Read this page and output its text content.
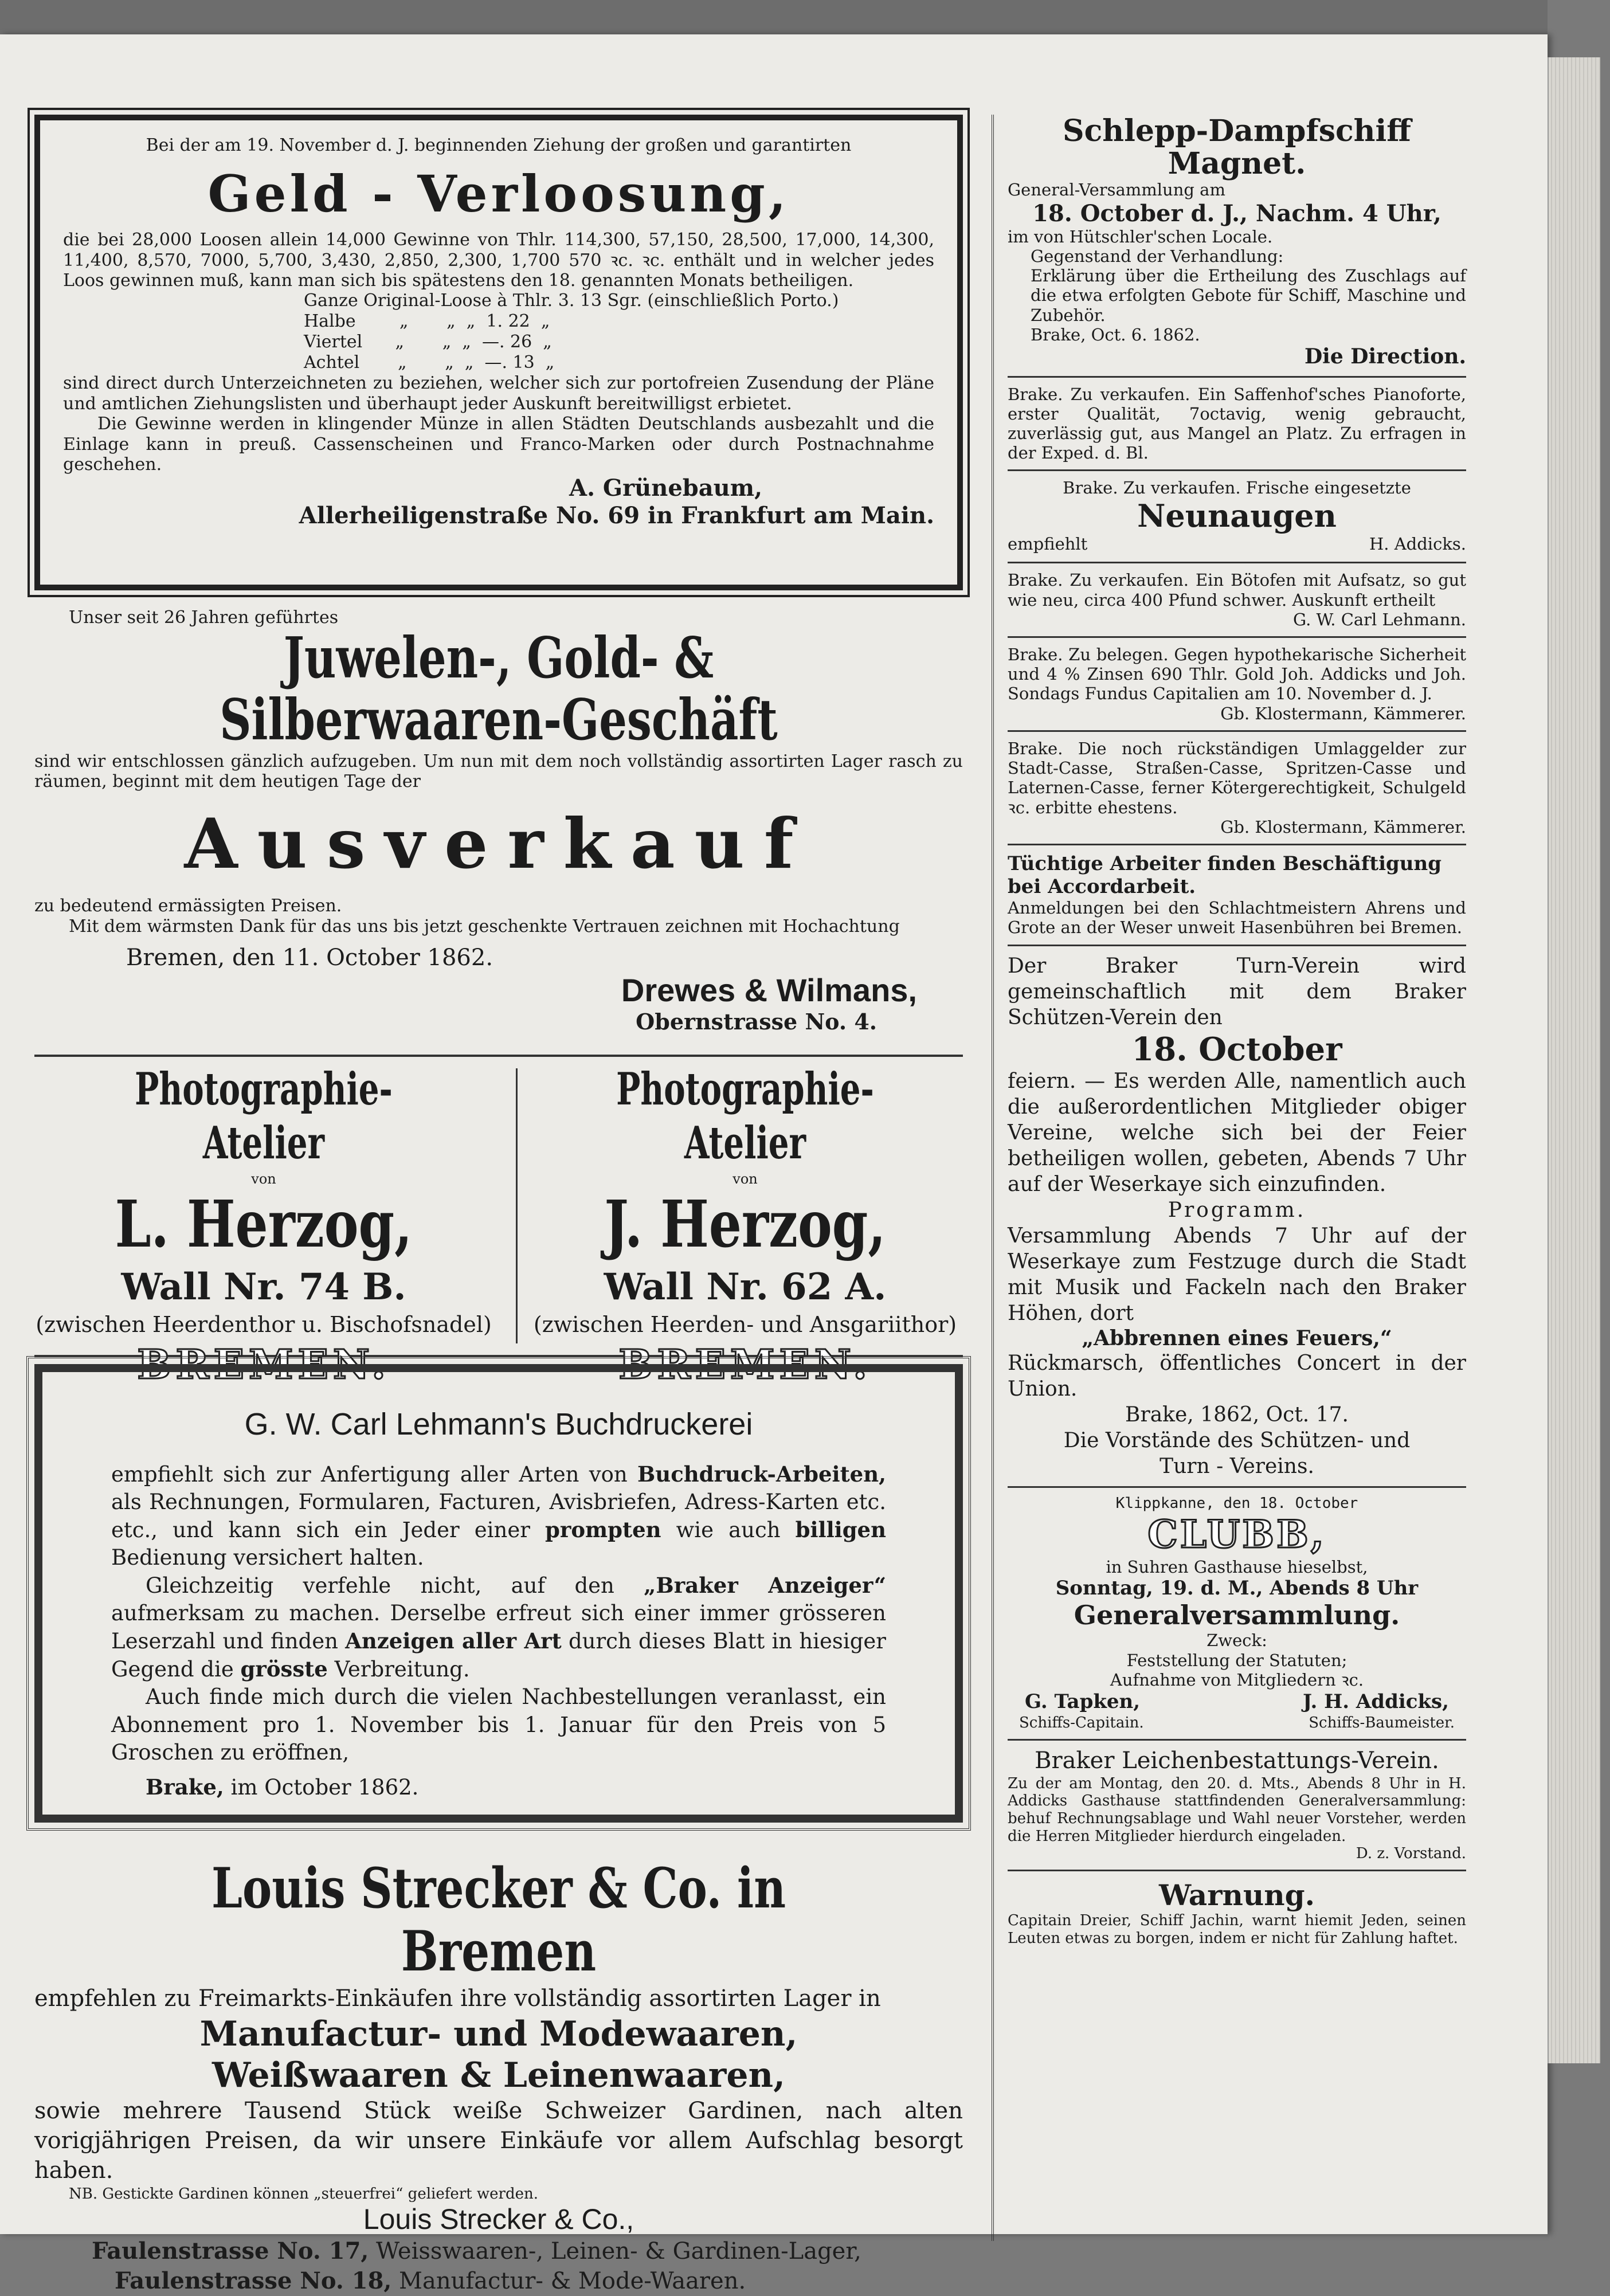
Bei der am 19. November d. J. beginnenden Ziehung der großen und garantirten

Geld - Verloosung,

die bei 28,000 Loosen allein 14,000 Gewinne von Thlr. 114,300, 57,150, 28,500, 17,000, 14,300, 11,400, 8,570, 7000, 5,700, 3,430, 2,850, 2,300, 1,700 570 ꝛc. ꝛc. enthält und in welcher jedes Loos gewinnen muß, kann man sich bis spätestens den 18. genannten Monats betheiligen.

Ganze Original-Loose à Thlr. 3. 13 Sgr. (einschließlich Porto.)
Halbe        „       „  „  1. 22  „
Viertel      „       „  „  —. 26  „
Achtel       „       „  „  —. 13  „

sind direct durch Unterzeichneten zu beziehen, welcher sich zur portofreien Zusendung der Pläne und amtlichen Ziehungslisten und überhaupt jeder Auskunft bereitwilligst erbietet.

Die Gewinne werden in klingender Münze in allen Städten Deutschlands ausbezahlt und die Einlage kann in preuß. Cassenscheinen und Franco-Marken oder durch Postnachnahme geschehen.

A. Grünebaum,

Allerheiligenstraße No. 69 in Frankfurt am Main.

Unser seit 26 Jahren geführtes

Juwelen-, Gold- & Silberwaaren-Geschäft

sind wir entschlossen gänzlich aufzugeben. Um nun mit dem noch vollständig assortirten Lager rasch zu räumen, beginnt mit dem heutigen Tage der

Ausverkauf

zu bedeutend ermässigten Preisen.

Mit dem wärmsten Dank für das uns bis jetzt geschenkte Vertrauen zeichnen mit Hochachtung

Bremen, den 11. October 1862.

Drewes & Wilmans,

Obernstrasse No. 4.

Photographie-Atelier

von

L. Herzog,

Wall Nr. 74 B.

(zwischen Heerdenthor u. Bischofsnadel)

BREMEN.

Photographie-Atelier

von

J. Herzog,

Wall Nr. 62 A.

(zwischen Heerden- und Ansgariithor)

BREMEN.

G. W. Carl Lehmann's Buchdruckerei

empfiehlt sich zur Anfertigung aller Arten von Buchdruck-Arbeiten, als Rechnungen, Formularen, Facturen, Avisbriefen, Adress-Karten etc. etc., und kann sich ein Jeder einer prompten wie auch billigen Bedienung versichert halten.

Gleichzeitig verfehle nicht, auf den „Braker Anzeiger“ aufmerksam zu machen. Derselbe erfreut sich einer immer grösseren Leserzahl und finden Anzeigen aller Art durch dieses Blatt in hiesiger Gegend die grösste Verbreitung.

Auch finde mich durch die vielen Nachbestellungen veranlasst, ein Abonnement pro 1. November bis 1. Januar für den Preis von 5 Groschen zu eröffnen,

Brake, im October 1862.

Louis Strecker & Co. in Bremen

empfehlen zu Freimarkts-Einkäufen ihre vollständig assortirten Lager in

Manufactur- und Modewaaren,

Weißwaaren & Leinenwaaren,

sowie mehrere Tausend Stück weiße Schweizer Gardinen, nach alten vorigjährigen Preisen, da wir unsere Einkäufe vor allem Aufschlag besorgt haben.

NB. Gestickte Gardinen können „steuerfrei“ geliefert werden.

Louis Strecker & Co.,

Faulenstrasse No. 17, Weisswaaren-, Leinen- & Gardinen-Lager,

Faulenstrasse No. 18, Manufactur- & Mode-Waaren.

Schlepp-Dampfschiff Magnet.

General-Versammlung am

18. October d. J., Nachm. 4 Uhr,

im von Hütschler'schen Locale.

Gegenstand der Verhandlung:

Erklärung über die Ertheilung des Zuschlags auf die etwa erfolgten Gebote für Schiff, Maschine und Zubehör.

Brake, Oct. 6. 1862.

Die Direction.

Brake. Zu verkaufen. Ein Saffenhof'sches Pianoforte, erster Qualität, 7octavig, wenig gebraucht, zuverlässig gut, aus Mangel an Platz. Zu erfragen in der Exped. d. Bl.

Brake. Zu verkaufen. Frische eingesetzte

Neunaugen

empfiehlt	H. Addicks.

Brake. Zu verkaufen. Ein Bötofen mit Aufsatz, so gut wie neu, circa 400 Pfund schwer. Auskunft ertheilt

G. W. Carl Lehmann.

Brake. Zu belegen. Gegen hypothekarische Sicherheit und 4 % Zinsen 690 Thlr. Gold Joh. Addicks und Joh. Sondags Fundus Capitalien am 10. November d. J.

Gb. Klostermann, Kämmerer.

Brake. Die noch rückständigen Umlaggelder zur Stadt-Casse, Straßen-Casse, Spritzen-Casse und Laternen-Casse, ferner Kötergerechtigkeit, Schulgeld ꝛc. erbitte ehestens.

Gb. Klostermann, Kämmerer.

Tüchtige Arbeiter finden Beschäftigung bei Accordarbeit.

Anmeldungen bei den Schlachtmeistern Ahrens und Grote an der Weser unweit Hasenbühren bei Bremen.

Der Braker Turn-Verein wird gemeinschaftlich mit dem Braker Schützen-Verein den

18. October

feiern. — Es werden Alle, namentlich auch die außerordentlichen Mitglieder obiger Vereine, welche sich bei der Feier betheiligen wollen, gebeten, Abends 7 Uhr auf der Weserkaye sich einzufinden.

Programm.

Versammlung Abends 7 Uhr auf der Weserkaye zum Festzuge durch die Stadt mit Musik und Fackeln nach den Braker Höhen, dort

„Abbrennen eines Feuers,“

Rückmarsch, öffentliches Concert in der Union.

Brake, 1862, Oct. 17.

Die Vorstände des Schützen- und

Turn - Vereins.

Klippkanne, den 18. October

CLUBB,

in Suhren Gasthause hieselbst,

Sonntag, 19. d. M., Abends 8 Uhr

Generalversammlung.

Zweck:

Feststellung der Statuten;

Aufnahme von Mitgliedern ꝛc.

G. Tapken,	J. H. Addicks,
Schiffs-Capitain.	Schiffs-Baumeister.

Braker Leichenbestattungs-Verein.

Zu der am Montag, den 20. d. Mts., Abends 8 Uhr in H. Addicks Gasthause stattfindenden Generalversammlung: behuf Rechnungsablage und Wahl neuer Vorsteher, werden die Herren Mitglieder hierdurch eingeladen.

D. z. Vorstand.

Warnung.

Capitain Dreier, Schiff Jachin, warnt hiemit Jeden, seinen Leuten etwas zu borgen, indem er nicht für Zahlung haftet.
